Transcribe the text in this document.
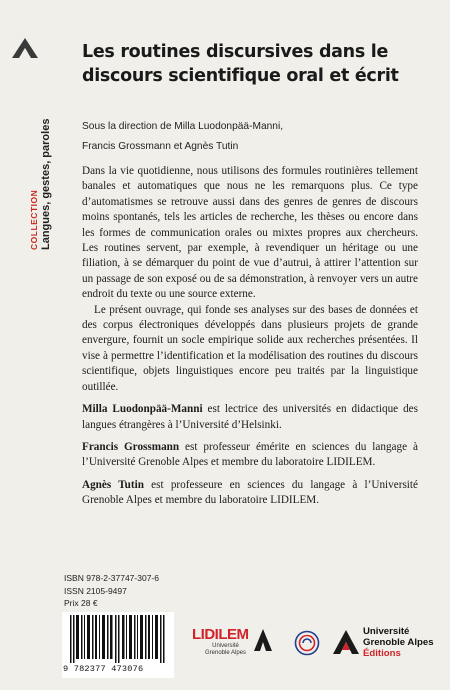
COLLECTION Langues, gestes, paroles
Les routines discursives dans le discours scientifique oral et écrit
Sous la direction de Milla Luodonpää-Manni,
Francis Grossmann et Agnès Tutin

Dans la vie quotidienne, nous utilisons des formules routinières tellement banales et automatiques que nous ne les remarquons plus. Ce type d’automatismes se retrouve aussi dans des genres de genres de discours moins spontanés, tels les articles de recherche, les thèses ou encore dans les formes de communication orales ou mixtes propres aux chercheurs. Les routines servent, par exemple, à revendiquer un héritage ou une filiation, à se démarquer du point de vue d’autrui, à attirer l’attention sur un passage de son exposé ou de sa démonstration, à renvoyer vers un autre endroit du texte ou une source externe.

Le présent ouvrage, qui fonde ses analyses sur des bases de données et des corpus électroniques développés dans plusieurs projets de grande envergure, fournit un socle empirique solide aux recherches présentées. Il vise à permettre l’identification et la modélisation des routines du discours scientifique, objets linguistiques encore peu traités par la linguistique outillée.

Milla Luodonpää-Manni est lectrice des universités en didactique des langues étrangères à l’Université d’Helsinki.

Francis Grossmann est professeur émérite en sciences du langage à l’Université Grenoble Alpes et membre du laboratoire LIDILEM.

Agnès Tutin est professeure en sciences du langage à l’Université Grenoble Alpes et membre du laboratoire LIDILEM.

ISBN 978-2-37747-307-6
ISSN 2105-9497
Prix 28 €
9 782377 473076
LIDILEM
Université
Grenoble Alpes
Université
Grenoble Alpes
Éditions
